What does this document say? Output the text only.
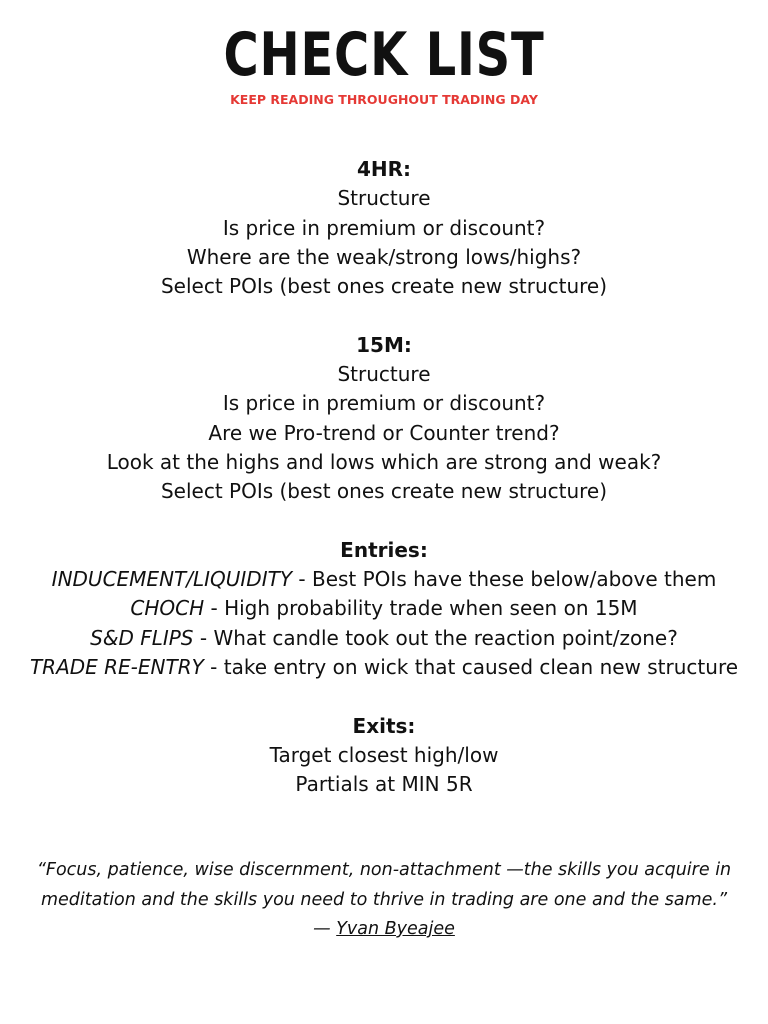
CHECK LIST
KEEP READING THROUGHOUT TRADING DAY
4HR:
Structure
Is price in premium or discount?
Where are the weak/strong lows/highs?
Select POIs (best ones create new structure)
15M:
Structure
Is price in premium or discount?
Are we Pro-trend or Counter trend?
Look at the highs and lows which are strong and weak?
Select POIs (best ones create new structure)
Entries:
INDUCEMENT/LIQUIDITY - Best POIs have these below/above them
CHOCH - High probability trade when seen on 15M
S&D FLIPS - What candle took out the reaction point/zone?
TRADE RE-ENTRY - take entry on wick that caused clean new structure
Exits:
Target closest high/low
Partials at MIN 5R
“Focus, patience, wise discernment, non-attachment —the skills you acquire in
meditation and the skills you need to thrive in trading are one and the same.”
— Yvan Byeajee
